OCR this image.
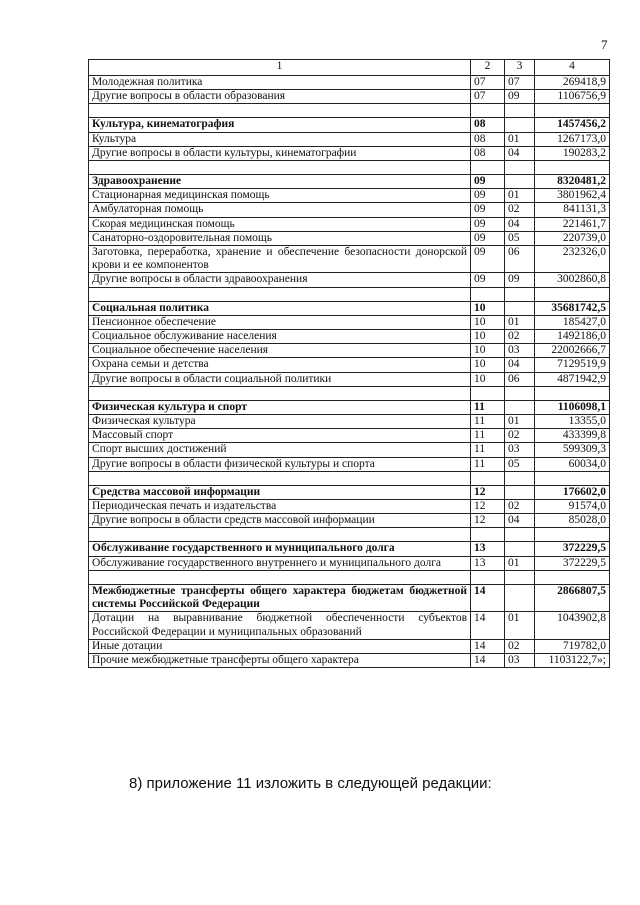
7
1	2	3	4
Молодежная политика	07	07	269418,9
Другие вопросы в области образования	07	09	1106756,9

Культура, кинематография	08		1457456,2
Культура	08	01	1267173,0
Другие вопросы в области культуры, кинематографии	08	04	190283,2

Здравоохранение	09		8320481,2
Стационарная медицинская помощь	09	01	3801962,4
Амбулаторная помощь	09	02	841131,3
Скорая медицинская помощь	09	04	221461,7
Санаторно-оздоровительная помощь	09	05	220739,0
Заготовка, переработка, хранение и обеспечение безопасности донорской крови и ее компонентов	09	06	232326,0
Другие вопросы в области здравоохранения	09	09	3002860,8

Социальная политика	10		35681742,5
Пенсионное обеспечение	10	01	185427,0
Социальное обслуживание населения	10	02	1492186,0
Социальное обеспечение населения	10	03	22002666,7
Охрана семьи и детства	10	04	7129519,9
Другие вопросы в области социальной политики	10	06	4871942,9

Физическая культура и спорт	11		1106098,1
Физическая культура	11	01	13355,0
Массовый спорт	11	02	433399,8
Спорт высших достижений	11	03	599309,3
Другие вопросы в области физической культуры и спорта	11	05	60034,0

Средства массовой информации	12		176602,0
Периодическая печать и издательства	12	02	91574,0
Другие вопросы в области средств массовой информации	12	04	85028,0

Обслуживание государственного и муниципального долга	13		372229,5
Обслуживание государственного внутреннего и муниципального долга	13	01	372229,5

Межбюджетные трансферты общего характера бюджетам бюджетной системы Российской Федерации	14		2866807,5
Дотации на выравнивание бюджетной обеспеченности субъектов Российской Федерации и муниципальных образований	14	01	1043902,8
Иные дотации	14	02	719782,0
Прочие межбюджетные трансферты общего характера	14	03	1103122,7»;
8) приложение 11 изложить в следующей редакции:
